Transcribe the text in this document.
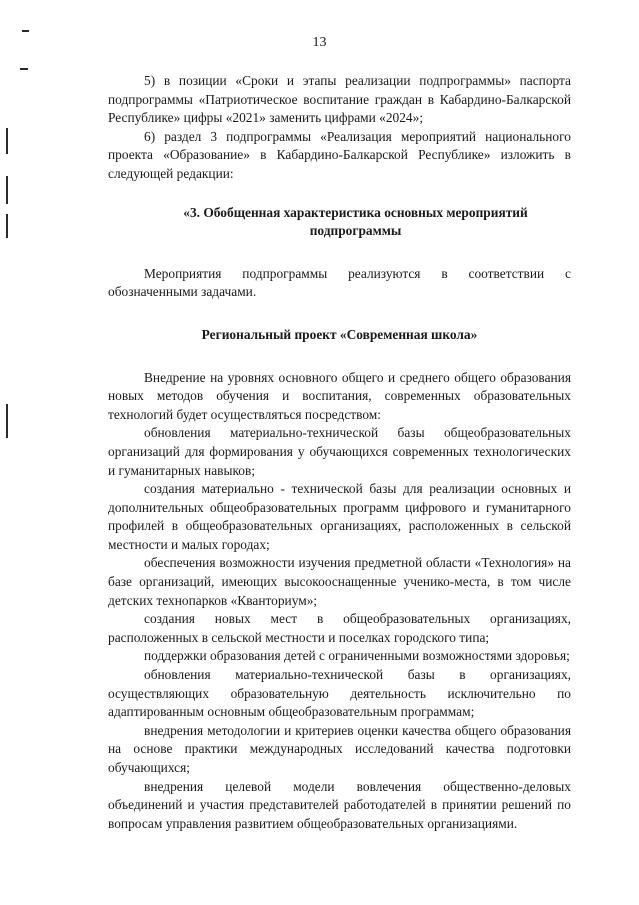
13

5) в позиции «Сроки и этапы реализации подпрограммы» паспорта подпрограммы «Патриотическое воспитание граждан в Кабардино-Балкарской Республике» цифры «2021» заменить цифрами «2024»;

6) раздел 3 подпрограммы «Реализация мероприятий национального проекта «Образование» в Кабардино-Балкарской Республике» изложить в следующей редакции:

«3. Обобщенная характеристика основных мероприятий подпрограммы

Мероприятия подпрограммы реализуются в соответствии с обозначенными задачами.

Региональный проект «Современная школа»

Внедрение на уровнях основного общего и среднего общего образования новых методов обучения и воспитания, современных образовательных технологий будет осуществляться посредством:

обновления материально-технической базы общеобразовательных организаций для формирования у обучающихся современных технологических и гуманитарных навыков;

создания материально - технической базы для реализации основных и дополнительных общеобразовательных программ цифрового и гуманитарного профилей в общеобразовательных организациях, расположенных в сельской местности и малых городах;

обеспечения возможности изучения предметной области «Технология» на базе организаций, имеющих высокооснащенные ученико-места, в том числе детских технопарков «Кванториум»;

создания новых мест в общеобразовательных организациях, расположенных в сельской местности и поселках городского типа;

поддержки образования детей с ограниченными возможностями здоровья;

обновления материально-технической базы в организациях, осуществляющих образовательную деятельность исключительно по адаптированным основным общеобразовательным программам;

внедрения методологии и критериев оценки качества общего образования на основе практики международных исследований качества подготовки обучающихся;

внедрения целевой модели вовлечения общественно-деловых объединений и участия представителей работодателей в принятии решений по вопросам управления развитием общеобразовательных организациями.
